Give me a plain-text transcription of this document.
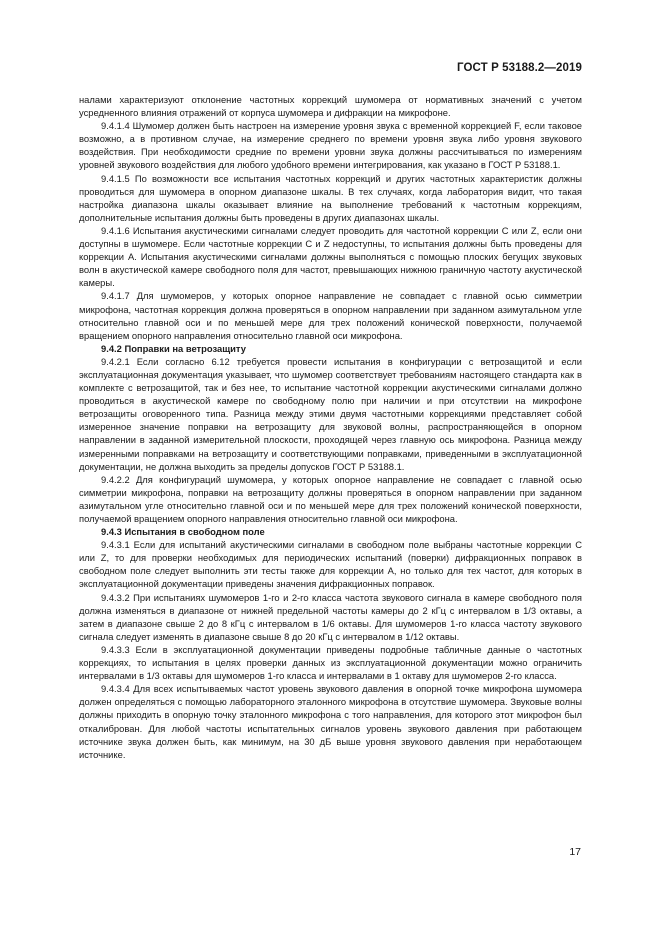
ГОСТ Р 53188.2—2019

налами характеризуют отклонение частотных коррекций шумомера от нормативных значений с учетом усредненного влияния отражений от корпуса шумомера и дифракции на микрофоне.

9.4.1.4 Шумомер должен быть настроен на измерение уровня звука с временной коррекцией F, если таковое возможно, а в противном случае, на измерение среднего по времени уровня звука либо уровня звукового воздействия. При необходимости средние по времени уровни звука должны рассчитываться по измерениям уровней звукового воздействия для любого удобного времени интегрирования, как указано в ГОСТ Р 53188.1.

9.4.1.5 По возможности все испытания частотных коррекций и других частотных характеристик должны проводиться для шумомера в опорном диапазоне шкалы. В тех случаях, когда лаборатория видит, что такая настройка диапазона шкалы оказывает влияние на выполнение требований к частотным коррекциям, дополнительные испытания должны быть проведены в других диапазонах шкалы.

9.4.1.6 Испытания акустическими сигналами следует проводить для частотной коррекции C или Z, если они доступны в шумомере. Если частотные коррекции C и Z недоступны, то испытания должны быть проведены для коррекции A. Испытания акустическими сигналами должны выполняться с помощью плоских бегущих звуковых волн в акустической камере свободного поля для частот, превышающих нижнюю граничную частоту акустической камеры.

9.4.1.7 Для шумомеров, у которых опорное направление не совпадает с главной осью симметрии микрофона, частотная коррекция должна проверяться в опорном направлении при заданном азимутальном угле относительно главной оси и по меньшей мере для трех положений конической поверхности, получаемой вращением опорного направления относительно главной оси микрофона.

9.4.2 Поправки на ветрозащиту

9.4.2.1 Если согласно 6.12 требуется провести испытания в конфигурации с ветрозащитой и если эксплуатационная документация указывает, что шумомер соответствует требованиям настоящего стандарта как в комплекте с ветрозащитой, так и без нее, то испытание частотной коррекции акустическими сигналами должно проводиться в акустической камере по свободному полю при наличии и при отсутствии на микрофоне ветрозащиты оговоренного типа. Разница между этими двумя частотными коррекциями представляет собой измеренное значение поправки на ветрозащиту для звуковой волны, распространяющейся в опорном направлении в заданной измерительной плоскости, проходящей через главную ось микрофона. Разница между измеренными поправками на ветрозащиту и соответствующими поправками, приведенными в эксплуатационной документации, не должна выходить за пределы допусков ГОСТ Р 53188.1.

9.4.2.2 Для конфигураций шумомера, у которых опорное направление не совпадает с главной осью симметрии микрофона, поправки на ветрозащиту должны проверяться в опорном направлении при заданном азимутальном угле относительно главной оси и по меньшей мере для трех положений конической поверхности, получаемой вращением опорного направления относительно главной оси микрофона.

9.4.3 Испытания в свободном поле

9.4.3.1 Если для испытаний акустическими сигналами в свободном поле выбраны частотные коррекции C или Z, то для проверки необходимых для периодических испытаний (поверки) дифракционных поправок в свободном поле следует выполнить эти тесты также для коррекции A, но только для тех частот, для которых в эксплуатационной документации приведены значения дифракционных поправок.

9.4.3.2 При испытаниях шумомеров 1-го и 2-го класса частота звукового сигнала в камере свободного поля должна изменяться в диапазоне от нижней предельной частоты камеры до 2 кГц с интервалом в 1/3 октавы, а затем в диапазоне свыше 2 до 8 кГц с интервалом в 1/6 октавы. Для шумомеров 1-го класса частоту звукового сигнала следует изменять в диапазоне свыше 8 до 20 кГц с интервалом в 1/12 октавы.

9.4.3.3 Если в эксплуатационной документации приведены подробные табличные данные о частотных коррекциях, то испытания в целях проверки данных из эксплуатационной документации можно ограничить интервалами в 1/3 октавы для шумомеров 1-го класса и интервалами в 1 октаву для шумомеров 2-го класса.

9.4.3.4 Для всех испытываемых частот уровень звукового давления в опорной точке микрофона шумомера должен определяться с помощью лабораторного эталонного микрофона в отсутствие шумомера. Звуковые волны должны приходить в опорную точку эталонного микрофона с того направления, для которого этот микрофон был откалиброван. Для любой частоты испытательных сигналов уровень звукового давления при работающем источнике звука должен быть, как минимум, на 30 дБ выше уровня звукового давления при неработающем источнике.

17
